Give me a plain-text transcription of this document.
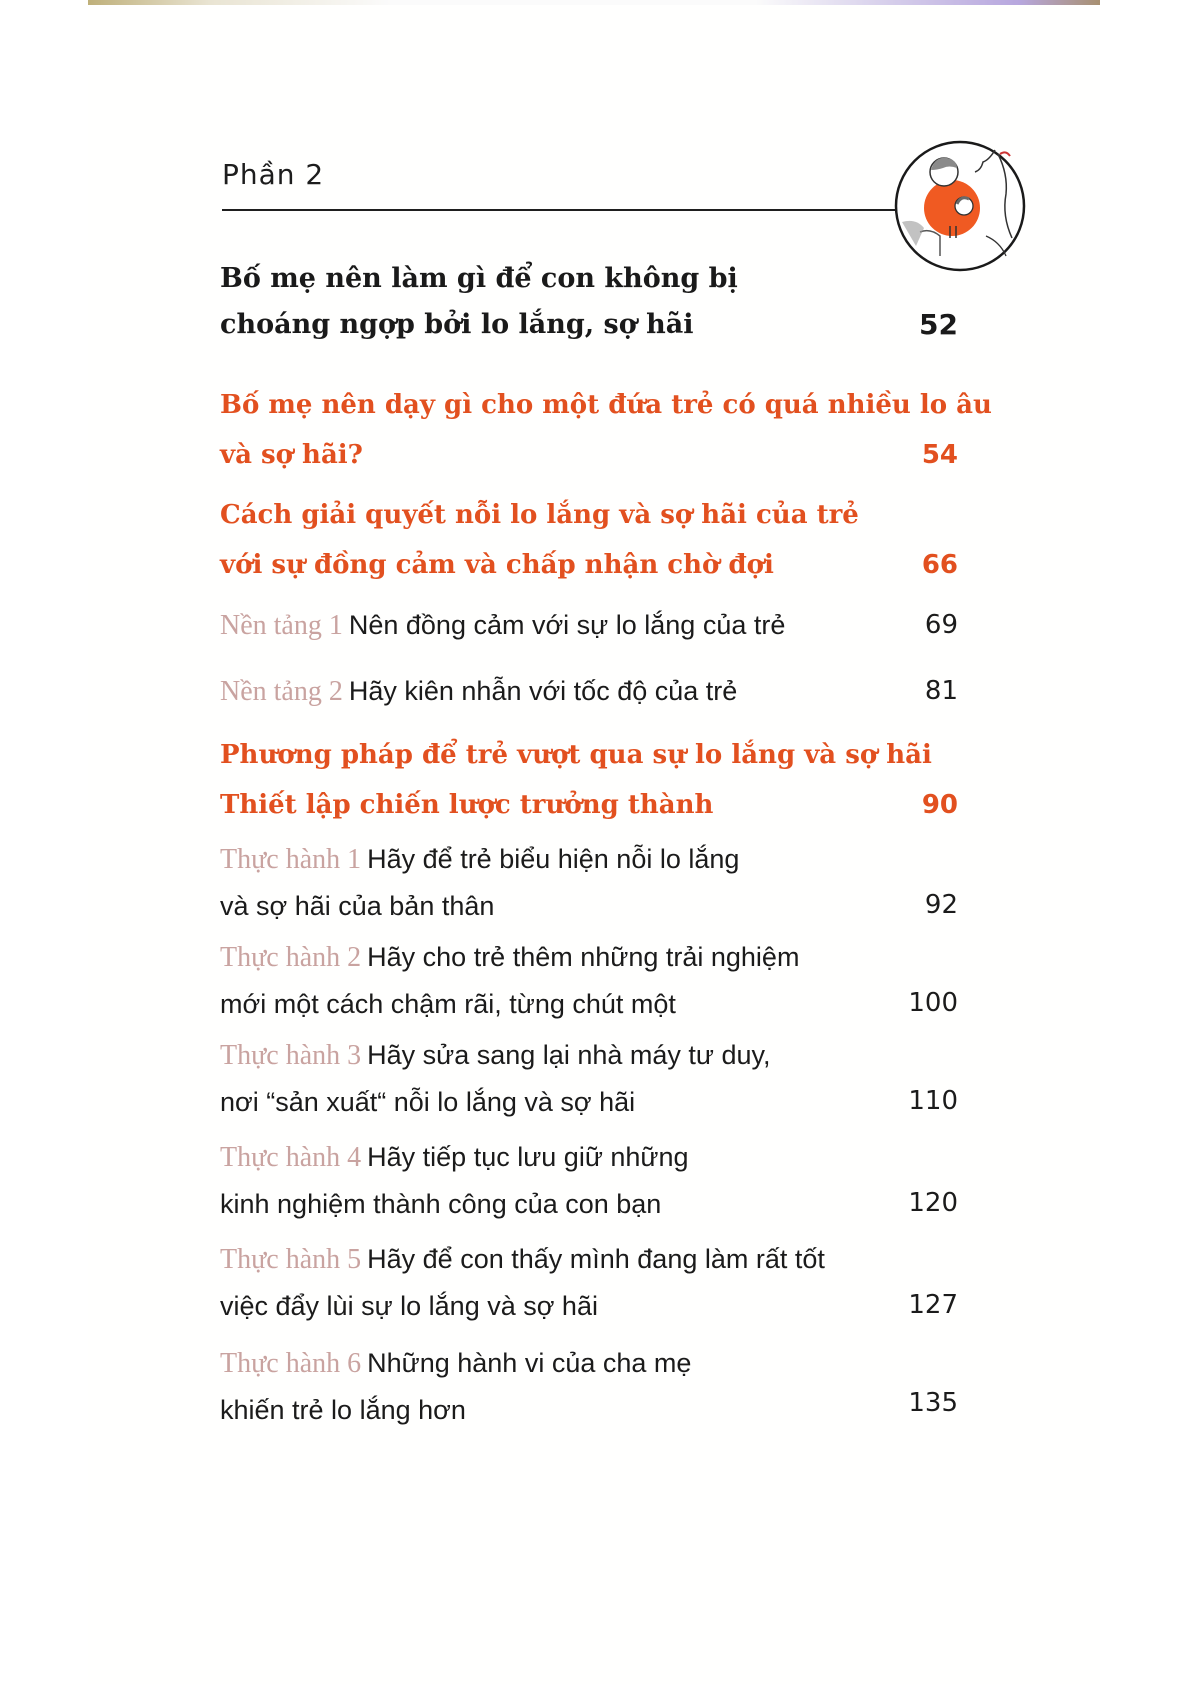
Phần 2
Bố mẹ nên làm gì để con không bị
choáng ngợp bởi lo lắng, sợ hãi	52
Bố mẹ nên dạy gì cho một đứa trẻ có quá nhiều lo âu
và sợ hãi?	54
Cách giải quyết nỗi lo lắng và sợ hãi của trẻ
với sự đồng cảm và chấp nhận chờ đợi	66
Nền tảng 1 Nên đồng cảm với sự lo lắng của trẻ	69
Nền tảng 2 Hãy kiên nhẫn với tốc độ của trẻ	81
Phương pháp để trẻ vượt qua sự lo lắng và sợ hãi
Thiết lập chiến lược trưởng thành	90
Thực hành 1 Hãy để trẻ biểu hiện nỗi lo lắng
và sợ hãi của bản thân	92
Thực hành 2 Hãy cho trẻ thêm những trải nghiệm
mới một cách chậm rãi, từng chút một	100
Thực hành 3 Hãy sửa sang lại nhà máy tư duy,
nơi “sản xuất“ nỗi lo lắng và sợ hãi	110
Thực hành 4 Hãy tiếp tục lưu giữ những
kinh nghiệm thành công của con bạn	120
Thực hành 5 Hãy để con thấy mình đang làm rất tốt
việc đẩy lùi sự lo lắng và sợ hãi	127
Thực hành 6 Những hành vi của cha mẹ
khiến trẻ lo lắng hơn	135
